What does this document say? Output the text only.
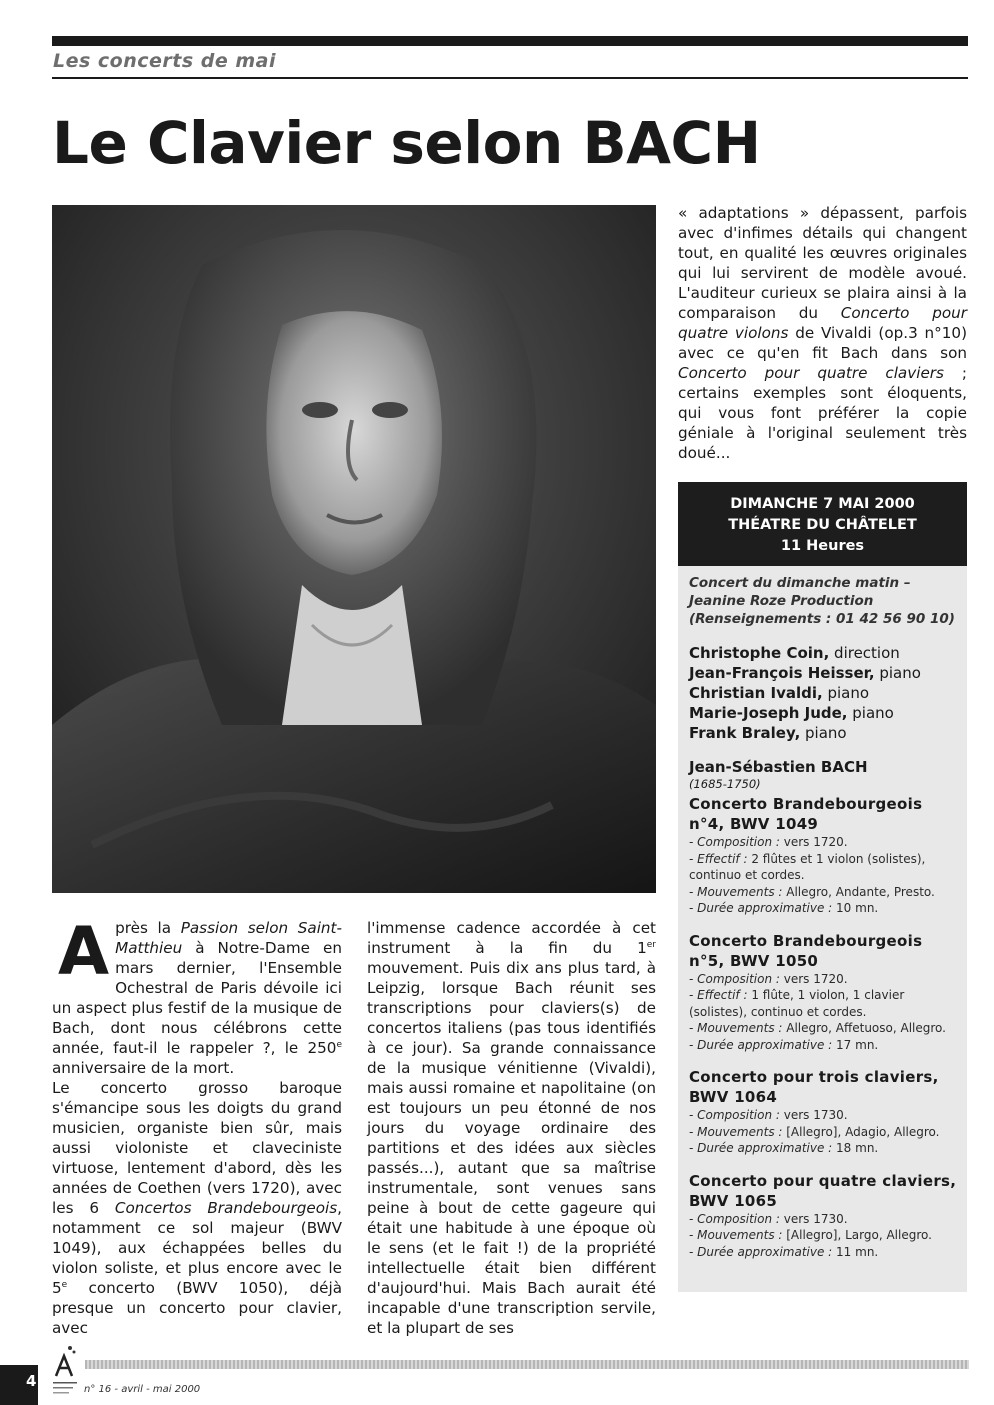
Les concerts de mai
Le Clavier selon BACH

Après la Passion selon Saint-Matthieu à Notre-Dame en mars dernier, l'Ensemble Ochestral de Paris dévoile ici un aspect plus festif de la musique de Bach, dont nous célébrons cette année, faut-il le rappeler ?, le 250e anniversaire de la mort.

Le concerto grosso baroque s'émancipe sous les doigts du grand musicien, organiste bien sûr, mais aussi violoniste et claveciniste virtuose, lentement d'abord, dès les années de Coethen (vers 1720), avec les 6 Concertos Brandebourgeois, notamment ce sol majeur (BWV 1049), aux échappées belles du violon soliste, et plus encore avec le 5e concerto (BWV 1050), déjà presque un concerto pour clavier, avec

l'immense cadence accordée à cet instrument à la fin du 1er mouvement. Puis dix ans plus tard, à Leipzig, lorsque Bach réunit ses transcriptions pour claviers(s) de concertos italiens (pas tous identifiés à ce jour). Sa grande connaissance de la musique vénitienne (Vivaldi), mais aussi romaine et napolitaine (on est toujours un peu étonné de nos jours du voyage ordinaire des partitions et des idées aux siècles passés...), autant que sa maîtrise instrumentale, sont venues sans peine à bout de cette gageure qui était une habitude à une époque où le sens (et le fait !) de la propriété intellectuelle était bien différent d'aujourd'hui. Mais Bach aurait été incapable d'une transcription servile, et la plupart de ses

« adaptations » dépassent, parfois avec d'infimes détails qui changent tout, en qualité les œuvres originales qui lui servirent de modèle avoué. L'auditeur curieux se plaira ainsi à la comparaison du Concerto pour quatre violons de Vivaldi (op.3 n°10) avec ce qu'en fit Bach dans son Concerto pour quatre claviers ; certains exemples sont éloquents, qui vous font préférer la copie géniale à l'original seulement très doué...

DIMANCHE 7 MAI 2000
THÉATRE DU CHÂTELET
11 Heures
Concert du dimanche matin – Jeanine Roze Production
(Renseignements : 01 42 56 90 10)
Christophe Coin, direction
Jean-François Heisser, piano
Christian Ivaldi, piano
Marie-Joseph Jude, piano
Frank Braley, piano
Jean-Sébastien BACH
(1685-1750)
Concerto Brandebourgeois n°4, BWV 1049
- Composition : vers 1720.
- Effectif : 2 flûtes et 1 violon (solistes), continuo et cordes.
- Mouvements : Allegro, Andante, Presto.
- Durée approximative : 10 mn.
Concerto Brandebourgeois n°5, BWV 1050
- Composition : vers 1720.
- Effectif : 1 flûte, 1 violon, 1 clavier (solistes), continuo et cordes.
- Mouvements : Allegro, Affetuoso, Allegro.
- Durée approximative : 17 mn.
Concerto pour trois claviers, BWV 1064
- Composition : vers 1730.
- Mouvements : [Allegro], Adagio, Allegro.
- Durée approximative : 18 mn.
Concerto pour quatre claviers, BWV 1065
- Composition : vers 1730.
- Mouvements : [Allegro], Largo, Allegro.
- Durée approximative : 11 mn.
4	n° 16 - avril - mai 2000
